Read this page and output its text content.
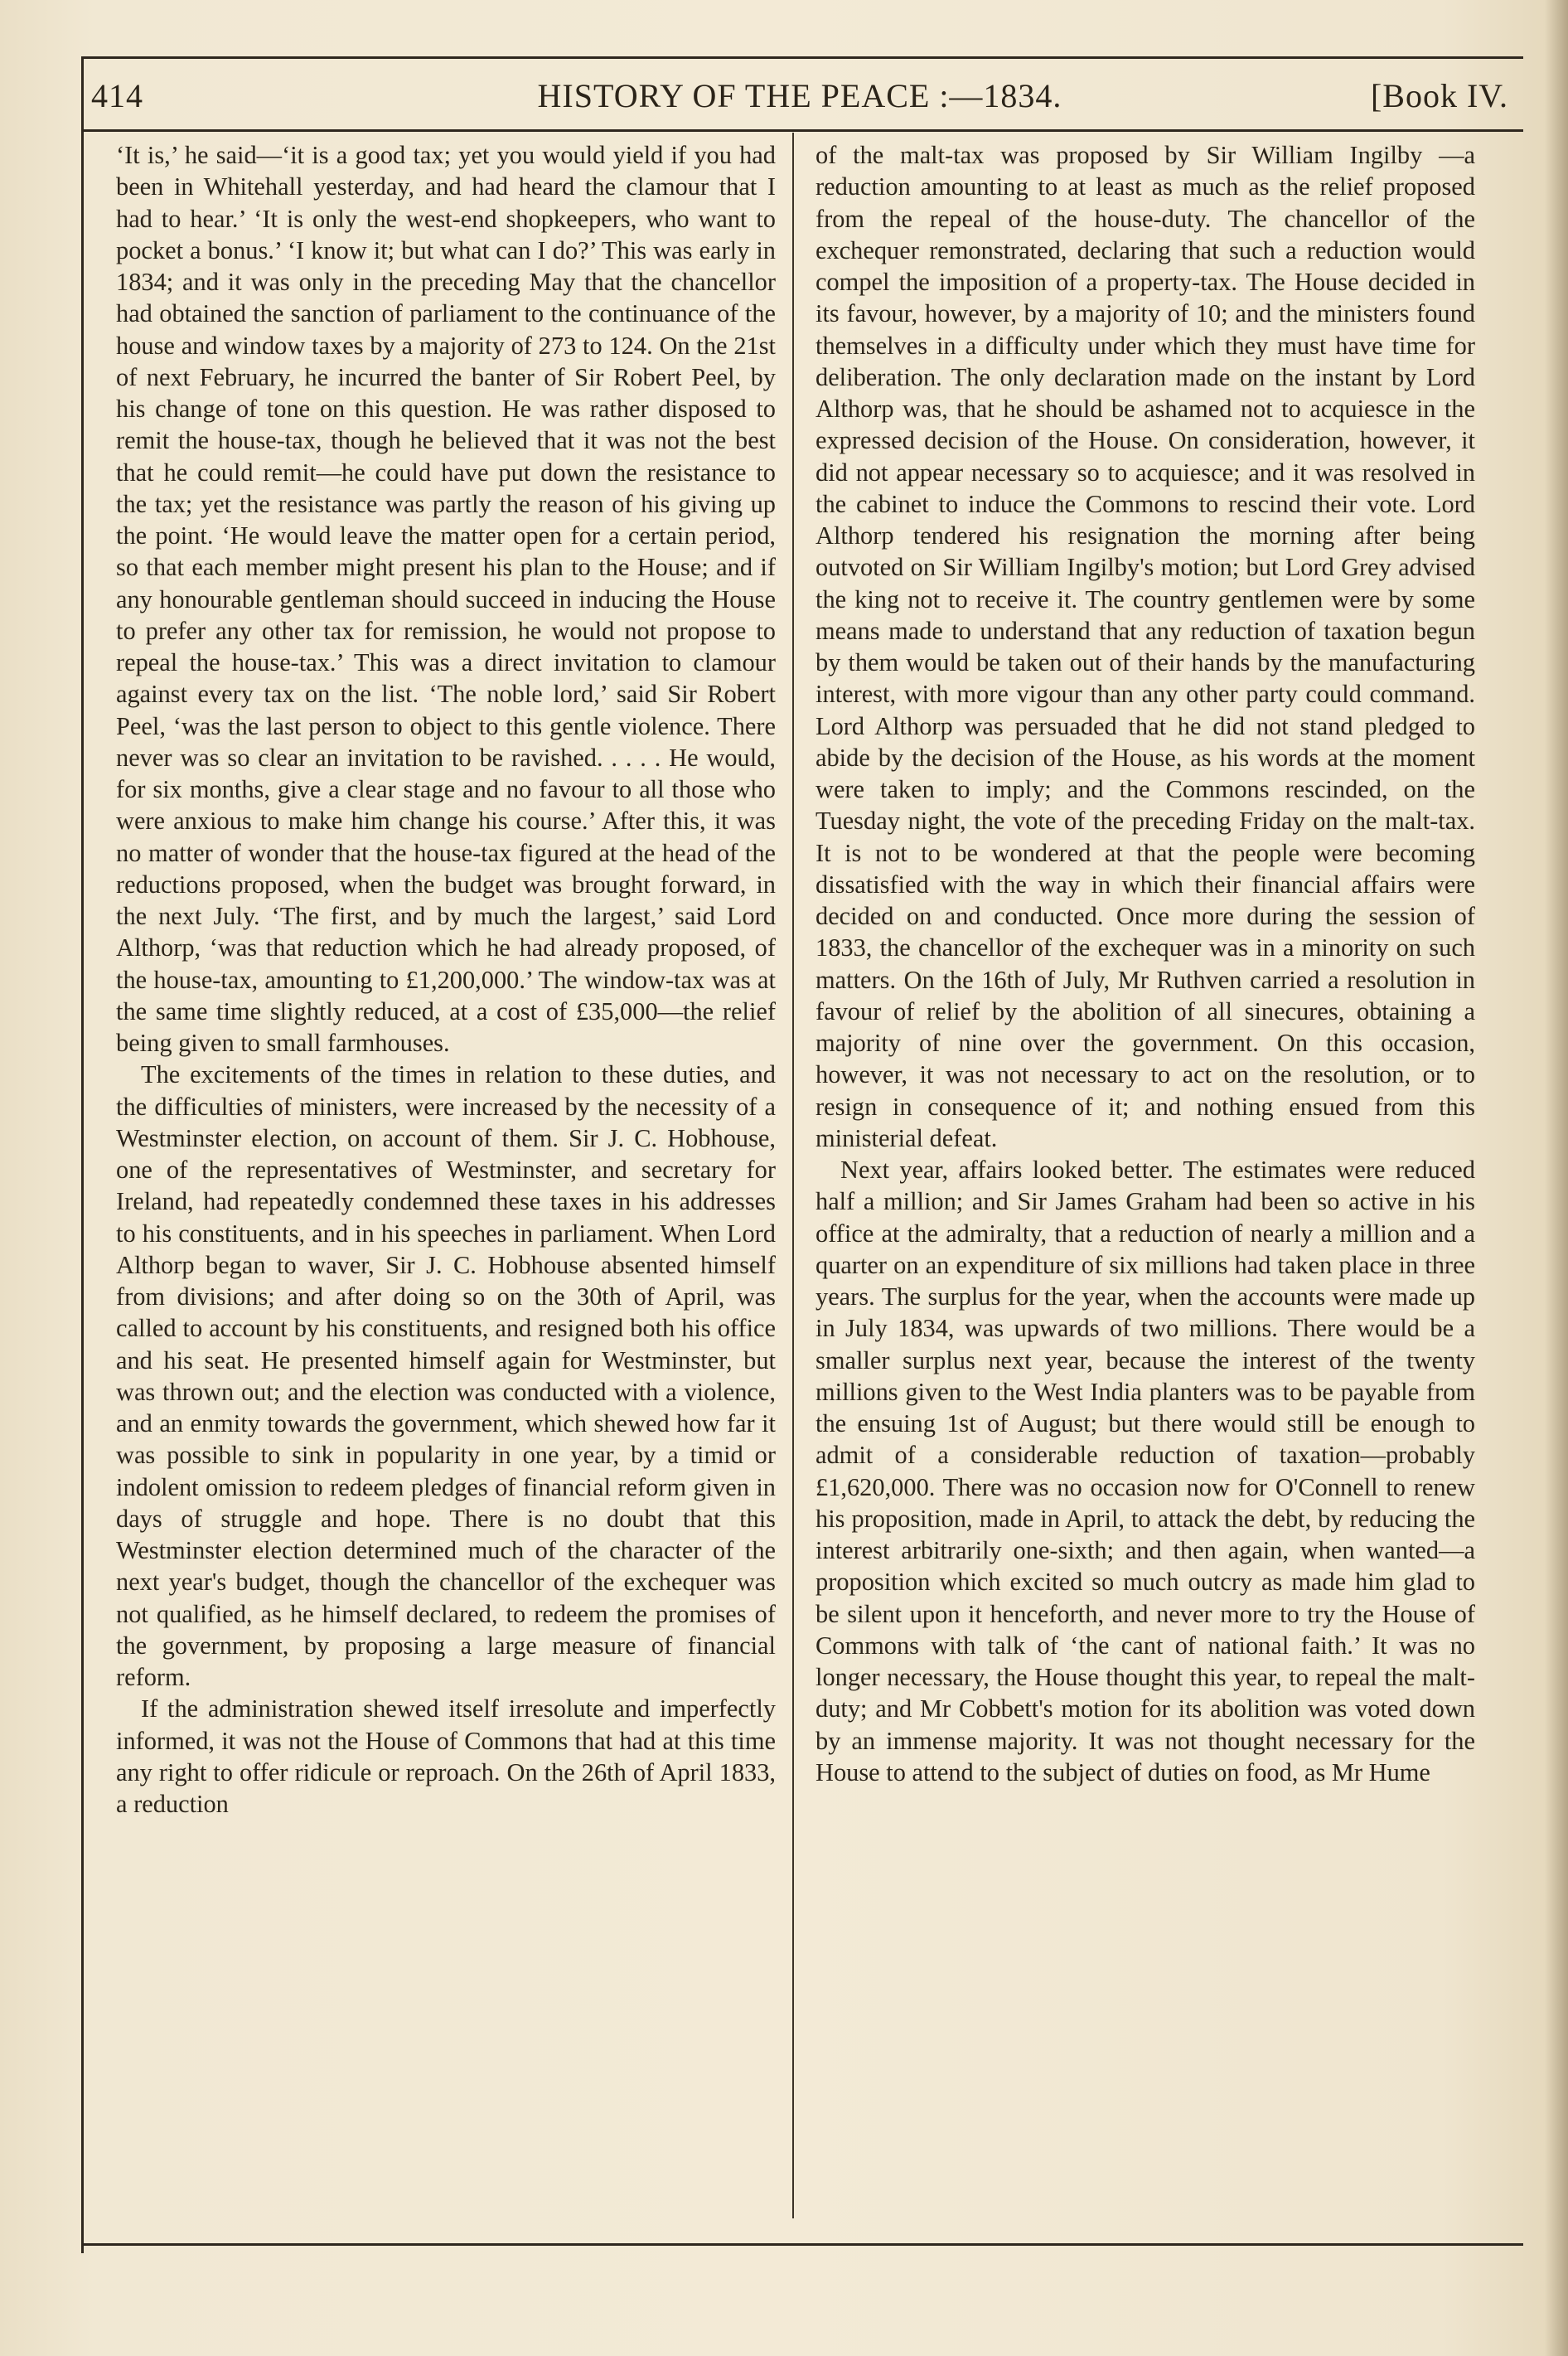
414	HISTORY OF THE PEACE :—1834.	[Book IV.

‘It is,’ he said—‘it is a good tax; yet you would yield if you had been in Whitehall yesterday, and had heard the clamour that I had to hear.’ ‘It is only the west-end shopkeepers, who want to pocket a bonus.’ ‘I know it; but what can I do?’ This was early in 1834; and it was only in the preceding May that the chancellor had obtained the sanction of parliament to the continuance of the house and window taxes by a majority of 273 to 124. On the 21st of next February, he incurred the banter of Sir Robert Peel, by his change of tone on this question. He was rather disposed to remit the house-tax, though he believed that it was not the best that he could remit—he could have put down the resistance to the tax; yet the resistance was partly the reason of his giving up the point. ‘He would leave the matter open for a certain period, so that each member might present his plan to the House; and if any honourable gentleman should succeed in inducing the House to prefer any other tax for remission, he would not propose to repeal the house-tax.’ This was a direct invitation to clamour against every tax on the list. ‘The noble lord,’ said Sir Robert Peel, ‘was the last person to object to this gentle violence. There never was so clear an invitation to be ravished. . . . . He would, for six months, give a clear stage and no favour to all those who were anxious to make him change his course.’ After this, it was no matter of wonder that the house-tax figured at the head of the reductions proposed, when the budget was brought forward, in the next July. ‘The first, and by much the largest,’ said Lord Althorp, ‘was that reduction which he had already proposed, of the house-tax, amounting to £1,200,000.’ The window-tax was at the same time slightly reduced, at a cost of £35,000—the relief being given to small farmhouses.

The excitements of the times in relation to these duties, and the difficulties of ministers, were increased by the necessity of a Westminster election, on account of them. Sir J. C. Hobhouse, one of the representatives of Westminster, and secretary for Ireland, had repeatedly condemned these taxes in his addresses to his constituents, and in his speeches in parliament. When Lord Althorp began to waver, Sir J. C. Hobhouse absented himself from divisions; and after doing so on the 30th of April, was called to account by his constituents, and resigned both his office and his seat. He presented himself again for Westminster, but was thrown out; and the election was conducted with a violence, and an enmity towards the government, which shewed how far it was possible to sink in popularity in one year, by a timid or indolent omission to redeem pledges of financial reform given in days of struggle and hope. There is no doubt that this Westminster election determined much of the character of the next year's budget, though the chancellor of the exchequer was not qualified, as he himself declared, to redeem the promises of the government, by proposing a large measure of financial reform.

If the administration shewed itself irresolute and imperfectly informed, it was not the House of Commons that had at this time any right to offer ridicule or reproach. On the 26th of April 1833, a reduction

of the malt-tax was proposed by Sir William Ingilby —a reduction amounting to at least as much as the relief proposed from the repeal of the house-duty. The chancellor of the exchequer remonstrated, declaring that such a reduction would compel the imposition of a property-tax. The House decided in its favour, however, by a majority of 10; and the ministers found themselves in a difficulty under which they must have time for deliberation. The only declaration made on the instant by Lord Althorp was, that he should be ashamed not to acquiesce in the expressed decision of the House. On consideration, however, it did not appear necessary so to acquiesce; and it was resolved in the cabinet to induce the Commons to rescind their vote. Lord Althorp tendered his resignation the morning after being outvoted on Sir William Ingilby's motion; but Lord Grey advised the king not to receive it. The country gentlemen were by some means made to understand that any reduction of taxation begun by them would be taken out of their hands by the manufacturing interest, with more vigour than any other party could command. Lord Althorp was persuaded that he did not stand pledged to abide by the decision of the House, as his words at the moment were taken to imply; and the Commons rescinded, on the Tuesday night, the vote of the preceding Friday on the malt-tax. It is not to be wondered at that the people were becoming dissatisfied with the way in which their financial affairs were decided on and conducted. Once more during the session of 1833, the chancellor of the exchequer was in a minority on such matters. On the 16th of July, Mr Ruthven carried a resolution in favour of relief by the abolition of all sinecures, obtaining a majority of nine over the government. On this occasion, however, it was not necessary to act on the resolution, or to resign in consequence of it; and nothing ensued from this ministerial defeat.

Next year, affairs looked better. The estimates were reduced half a million; and Sir James Graham had been so active in his office at the admiralty, that a reduction of nearly a million and a quarter on an expenditure of six millions had taken place in three years. The surplus for the year, when the accounts were made up in July 1834, was upwards of two millions. There would be a smaller surplus next year, because the interest of the twenty millions given to the West India planters was to be payable from the ensuing 1st of August; but there would still be enough to admit of a considerable reduction of taxation—probably £1,620,000. There was no occasion now for O'Connell to renew his proposition, made in April, to attack the debt, by reducing the interest arbitrarily one-sixth; and then again, when wanted—a proposition which excited so much outcry as made him glad to be silent upon it henceforth, and never more to try the House of Commons with talk of ‘the cant of national faith.’ It was no longer necessary, the House thought this year, to repeal the malt-duty; and Mr Cobbett's motion for its abolition was voted down by an immense majority. It was not thought necessary for the House to attend to the subject of duties on food, as Mr Hume
